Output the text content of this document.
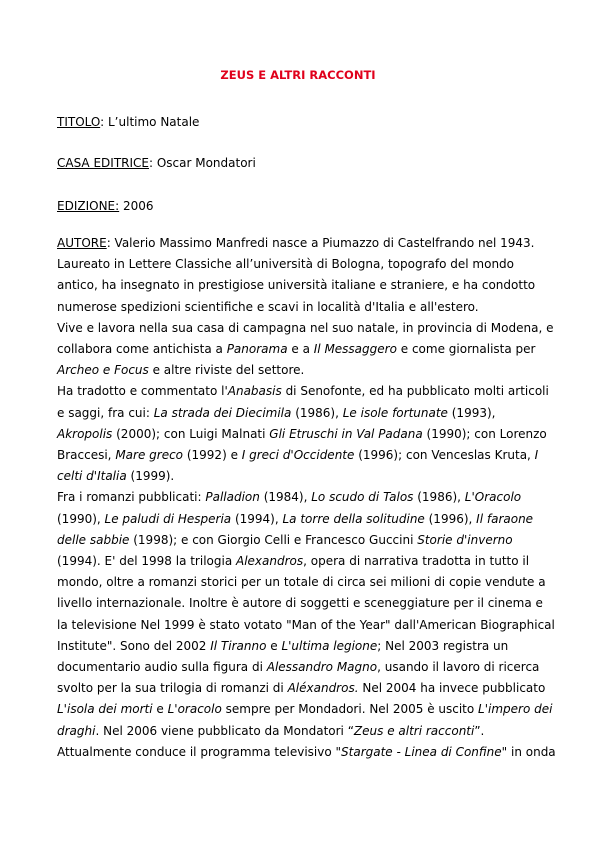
ZEUS E ALTRI RACCONTI
TITOLO: L’ultimo Natale
CASA EDITRICE: Oscar Mondatori
EDIZIONE: 2006
AUTORE: Valerio Massimo Manfredi nasce a Piumazzo di Castelfrando nel 1943.
Laureato in Lettere Classiche all’università di Bologna, topografo del mondo
antico, ha insegnato in prestigiose università italiane e straniere, e ha condotto
numerose spedizioni scientifiche e scavi in località d'Italia e all'estero.
Vive e lavora nella sua casa di campagna nel suo natale, in provincia di Modena, e
collabora come antichista a Panorama e a Il Messaggero e come giornalista per
Archeo e Focus e altre riviste del settore.
Ha tradotto e commentato l'Anabasis di Senofonte, ed ha pubblicato molti articoli
e saggi, fra cui: La strada dei Diecimila (1986), Le isole fortunate (1993),
Akropolis (2000); con Luigi Malnati Gli Etruschi in Val Padana (1990); con Lorenzo
Braccesi, Mare greco (1992) e I greci d'Occidente (1996); con Venceslas Kruta, I
celti d'Italia (1999).
Fra i romanzi pubblicati: Palladion (1984), Lo scudo di Talos (1986), L'Oracolo
(1990), Le paludi di Hesperia (1994), La torre della solitudine (1996), Il faraone
delle sabbie (1998); e con Giorgio Celli e Francesco Guccini Storie d'inverno
(1994). E' del 1998 la trilogia Alexandros, opera di narrativa tradotta in tutto il
mondo, oltre a romanzi storici per un totale di circa sei milioni di copie vendute a
livello internazionale. Inoltre è autore di soggetti e sceneggiature per il cinema e
la televisione Nel 1999 è stato votato "Man of the Year" dall'American Biographical
Institute". Sono del 2002 Il Tiranno e L'ultima legione; Nel 2003 registra un
documentario audio sulla figura di Alessandro Magno, usando il lavoro di ricerca
svolto per la sua trilogia di romanzi di Aléxandros. Nel 2004 ha invece pubblicato
L'isola dei morti e L'oracolo sempre per Mondadori. Nel 2005 è uscito L'impero dei
draghi. Nel 2006 viene pubblicato da Mondatori “Zeus e altri racconti”.
Attualmente conduce il programma televisivo "Stargate - Linea di Confine" in onda
